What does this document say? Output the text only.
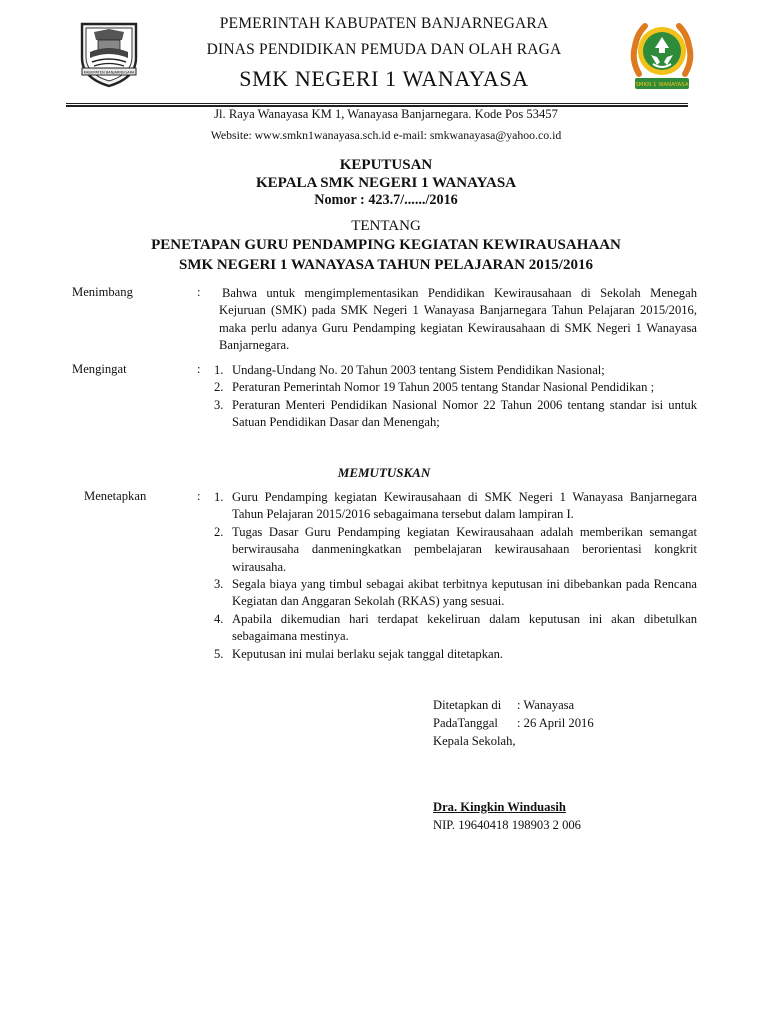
KABUPATEN BANJARNEGARA
SMKN 1 WANAYASA
PEMERINTAH KABUPATEN BANJARNEGARA
DINAS PENDIDIKAN PEMUDA DAN OLAH RAGA
SMK NEGERI 1 WANAYASA
Jl. Raya Wanayasa KM 1, Wanayasa Banjarnegara. Kode Pos 53457
Website: www.smkn1wanayasa.sch.id e-mail: smkwanayasa@yahoo.co.id
KEPUTUSAN
KEPALA SMK NEGERI 1 WANAYASA
Nomor : 423.7/....../2016
TENTANG
PENETAPAN GURU PENDAMPING KEGIATAN KEWIRAUSAHAAN
SMK NEGERI 1 WANAYASA TAHUN PELAJARAN 2015/2016
Menimbang	: Bahwa untuk mengimplementasikan Pendidikan Kewirausahaan di Sekolah Menegah Kejuruan (SMK) pada SMK Negeri 1 Wanayasa Banjarnegara Tahun Pelajaran 2015/2016, maka perlu adanya Guru Pendamping kegiatan Kewirausahaan di SMK Negeri 1 Wanayasa Banjarnegara.
Mengingat	: 1. Undang-Undang No. 20 Tahun 2003 tentang Sistem Pendidikan Nasional;
2. Peraturan Pemerintah Nomor 19 Tahun 2005 tentang Standar Nasional Pendidikan ;
3. Peraturan Menteri Pendidikan Nasional Nomor 22 Tahun 2006 tentang standar isi untuk Satuan Pendidikan Dasar dan Menengah;
MEMUTUSKAN
Menetapkan	: 1. Guru Pendamping kegiatan Kewirausahaan di SMK Negeri 1 Wanayasa Banjarnegara Tahun Pelajaran 2015/2016 sebagaimana tersebut dalam lampiran I.
2. Tugas Dasar Guru Pendamping kegiatan Kewirausahaan adalah memberikan semangat berwirausaha danmeningkatkan pembelajaran kewirausahaan berorientasi kongkrit wirausaha.
3. Segala biaya yang timbul sebagai akibat terbitnya keputusan ini dibebankan pada Rencana Kegiatan dan Anggaran Sekolah (RKAS) yang sesuai.
4. Apabila dikemudian hari terdapat kekeliruan dalam keputusan ini akan dibetulkan sebagaimana mestinya.
5. Keputusan ini mulai berlaku sejak tanggal ditetapkan.
Ditetapkan di	: Wanayasa
PadaTanggal	: 26 April 2016
Kepala Sekolah,
Dra. Kingkin Winduasih
NIP. 19640418 198903 2 006
